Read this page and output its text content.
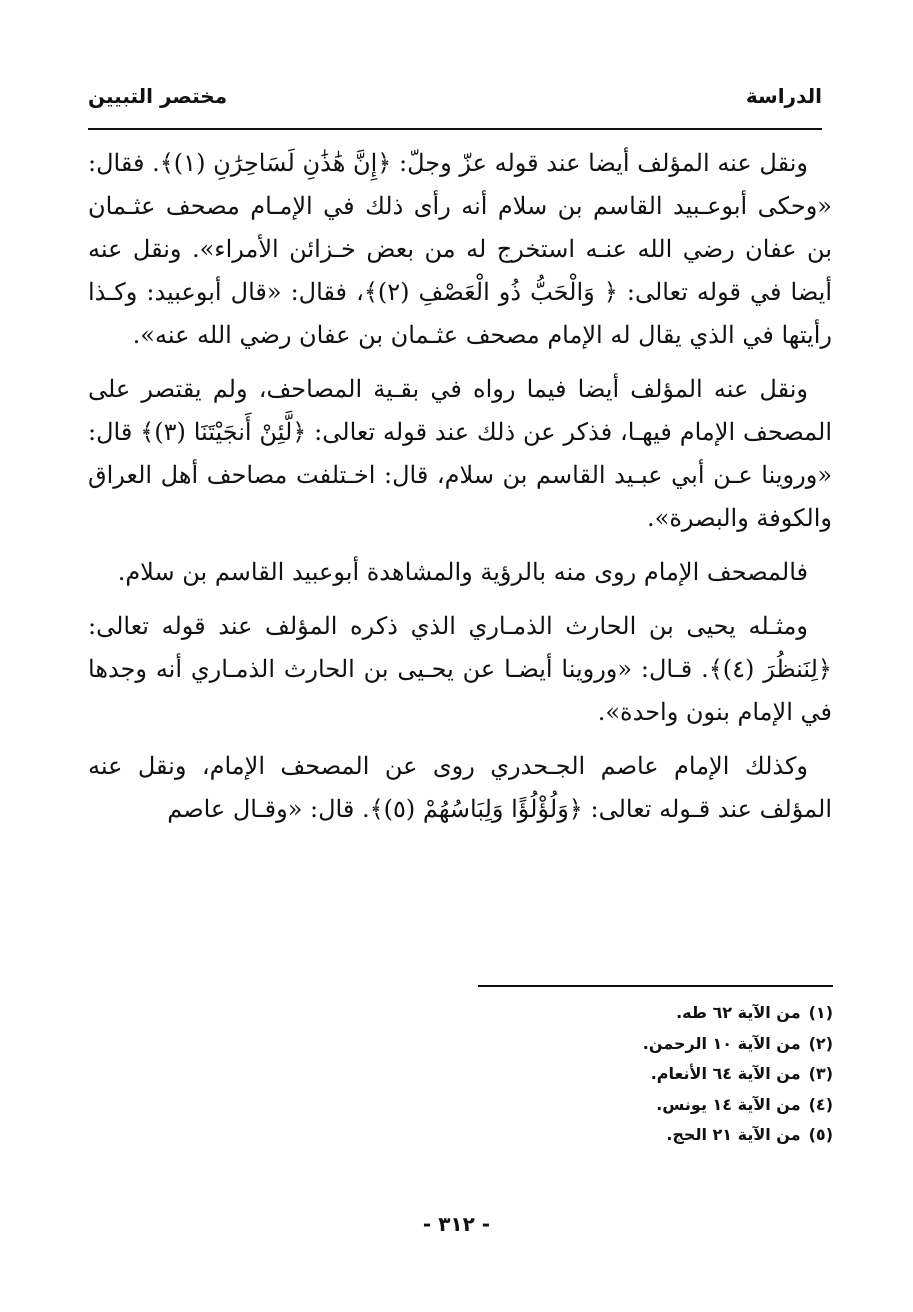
الدراسة
مختصر التبيين

ونقل عنه المؤلف أيضا عند قوله عزّ وجلّ: ﴿إِنَّ هَٰذَٰنِ لَسَاحِرَٰنِ (١)﴾. فقال: «وحكى أبوعـبيد القاسم بن سلام أنه رأى ذلك في الإمـام مصحف عثـمان بن عفان رضي الله عنـه استخرج له من بعض خـزائن الأمراء». ونقل عنه أيضا في قوله تعالى: ﴿ وَالْحَبُّ ذُو الْعَصْفِ (٢)﴾، فقال: «قال أبوعبيد: وكـذا رأيتها في الذي يقال له الإمام مصحف عثـمان بن عفان رضي الله عنه».

ونقل عنه المؤلف أيضا فيما رواه في بقـية المصاحف، ولم يقتصر على المصحف الإمام فيهـا، فذكر عن ذلك عند قوله تعالى: ﴿لَّئِنْ أَنجَيْتَنَا (٣)﴾ قال: «وروينا عـن أبي عبـيد القاسم بن سلام، قال: اخـتلفت مصاحف أهل العراق والكوفة والبصرة».

فالمصحف الإمام روى منه بالرؤية والمشاهدة أبوعبيد القاسم بن سلام.

ومثـله يحيى بن الحارث الذمـاري الذي ذكره المؤلف عند قوله تعالى: ﴿لِنَنظُرَ (٤)﴾. قـال: «وروينا أيضـا عن يحـيى بن الحارث الذمـاري أنه وجدها في الإمام بنون واحدة».

وكذلك الإمام عاصم الجـحدري روى عن المصحف الإمام، ونقل عنه المؤلف عند قـوله تعالى: ﴿وَلُؤْلُؤًا وَلِبَاسُهُمْ (٥)﴾. قال: «وقـال عاصم

(١)من الآية ٦٢ طه.

(٢)من الآية ١٠ الرحمن.

(٣)من الآية ٦٤ الأنعام.

(٤)من الآية ١٤ يونس.

(٥)من الآية ٢١ الحج.

- ٣١٢ -
